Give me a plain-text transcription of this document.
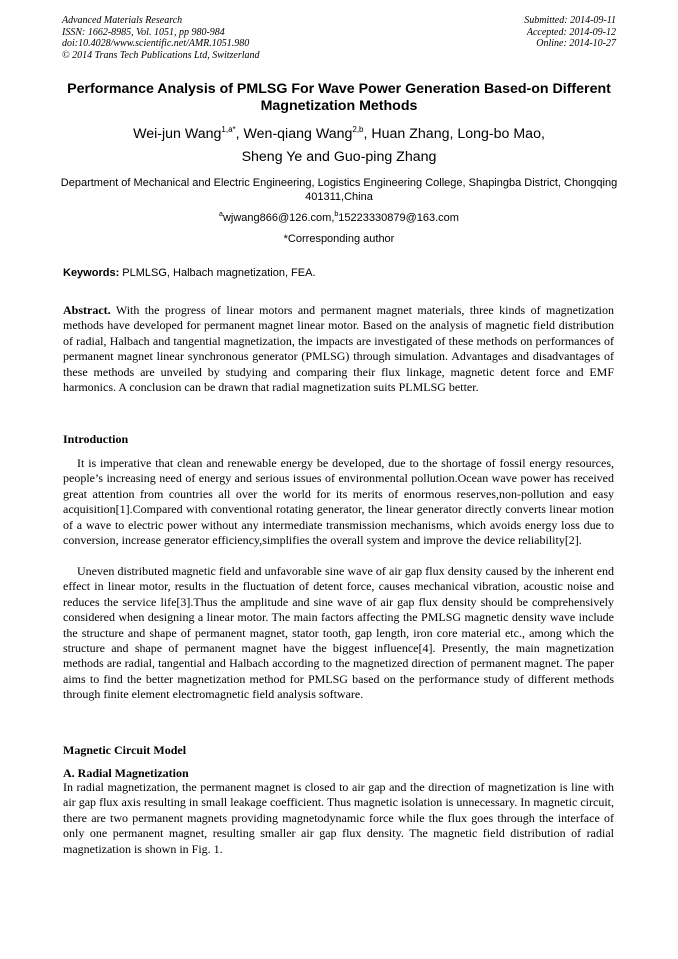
Advanced Materials Research
ISSN: 1662-8985, Vol. 1051, pp 980-984
doi:10.4028/www.scientific.net/AMR.1051.980
© 2014 Trans Tech Publications Ltd, Switzerland
Submitted: 2014-09-11
Accepted: 2014-09-12
Online: 2014-10-27
Performance Analysis of PMLSG For Wave Power Generation Based-on Different Magnetization Methods
Wei-jun Wang$^{1,a*}$, Wen-qiang Wang$^{2,b}$, Huan Zhang, Long-bo Mao,
Sheng Ye and Guo-ping Zhang
Department of Mechanical and Electric Engineering, Logistics Engineering College, Shapingba District, Chongqing 401311,China
$^a$wjwang866@126.com,$^b$15223330879@163.com
*Corresponding author
Keywords: PLMLSG, Halbach magnetization, FEA.
Abstract. With the progress of linear motors and permanent magnet materials, three kinds of magnetization methods have developed for permanent magnet linear motor. Based on the analysis of magnetic field distribution of radial, Halbach and tangential magnetization, the impacts are investigated of these methods on performances of permanent magnet linear synchronous generator (PMLSG) through simulation. Advantages and disadvantages of these methods are unveiled by studying and comparing their flux linkage, magnetic detent force and EMF harmonics. A conclusion can be drawn that radial magnetization suits PLMLSG better.
Introduction
It is imperative that clean and renewable energy be developed, due to the shortage of fossil energy resources, people’s increasing need of energy and serious issues of environmental pollution.Ocean wave power has received great attention from countries all over the world for its merits of enormous reserves,non-pollution and easy acquisition[1].Compared with conventional rotating generator, the linear generator directly converts linear motion of a wave to electric power without any intermediate transmission mechanisms, which avoids energy loss due to conversion, increase generator efficiency,simplifies the overall system and improve the device reliability[2].
Uneven distributed magnetic field and unfavorable sine wave of air gap flux density caused by the inherent end effect in linear motor, results in the fluctuation of detent force, causes mechanical vibration, acoustic noise and reduces the service life[3].Thus the amplitude and sine wave of air gap flux density should be comprehensively considered when designing a linear motor. The main factors affecting the PMLSG magnetic density wave include the structure and shape of permanent magnet, stator tooth, gap length, iron core material etc., among which the structure and shape of permanent magnet have the biggest influence[4]. Presently, the main magnetization methods are radial, tangential and Halbach according to the magnetized direction of permanent magnet. The paper aims to find the better magnetization method for PMLSG based on the performance study of different methods through finite element electromagnetic field analysis software.
Magnetic Circuit Model
A. Radial Magnetization
In radial magnetization, the permanent magnet is closed to air gap and the direction of magnetization is line with air gap flux axis resulting in small leakage coefficient. Thus magnetic isolation is unnecessary. In magnetic circuit, there are two permanent magnets providing magnetodynamic force while the flux goes through the interface of only one permanent magnet, resulting smaller air gap flux density. The magnetic field distribution of radial magnetization is shown in Fig. 1.
